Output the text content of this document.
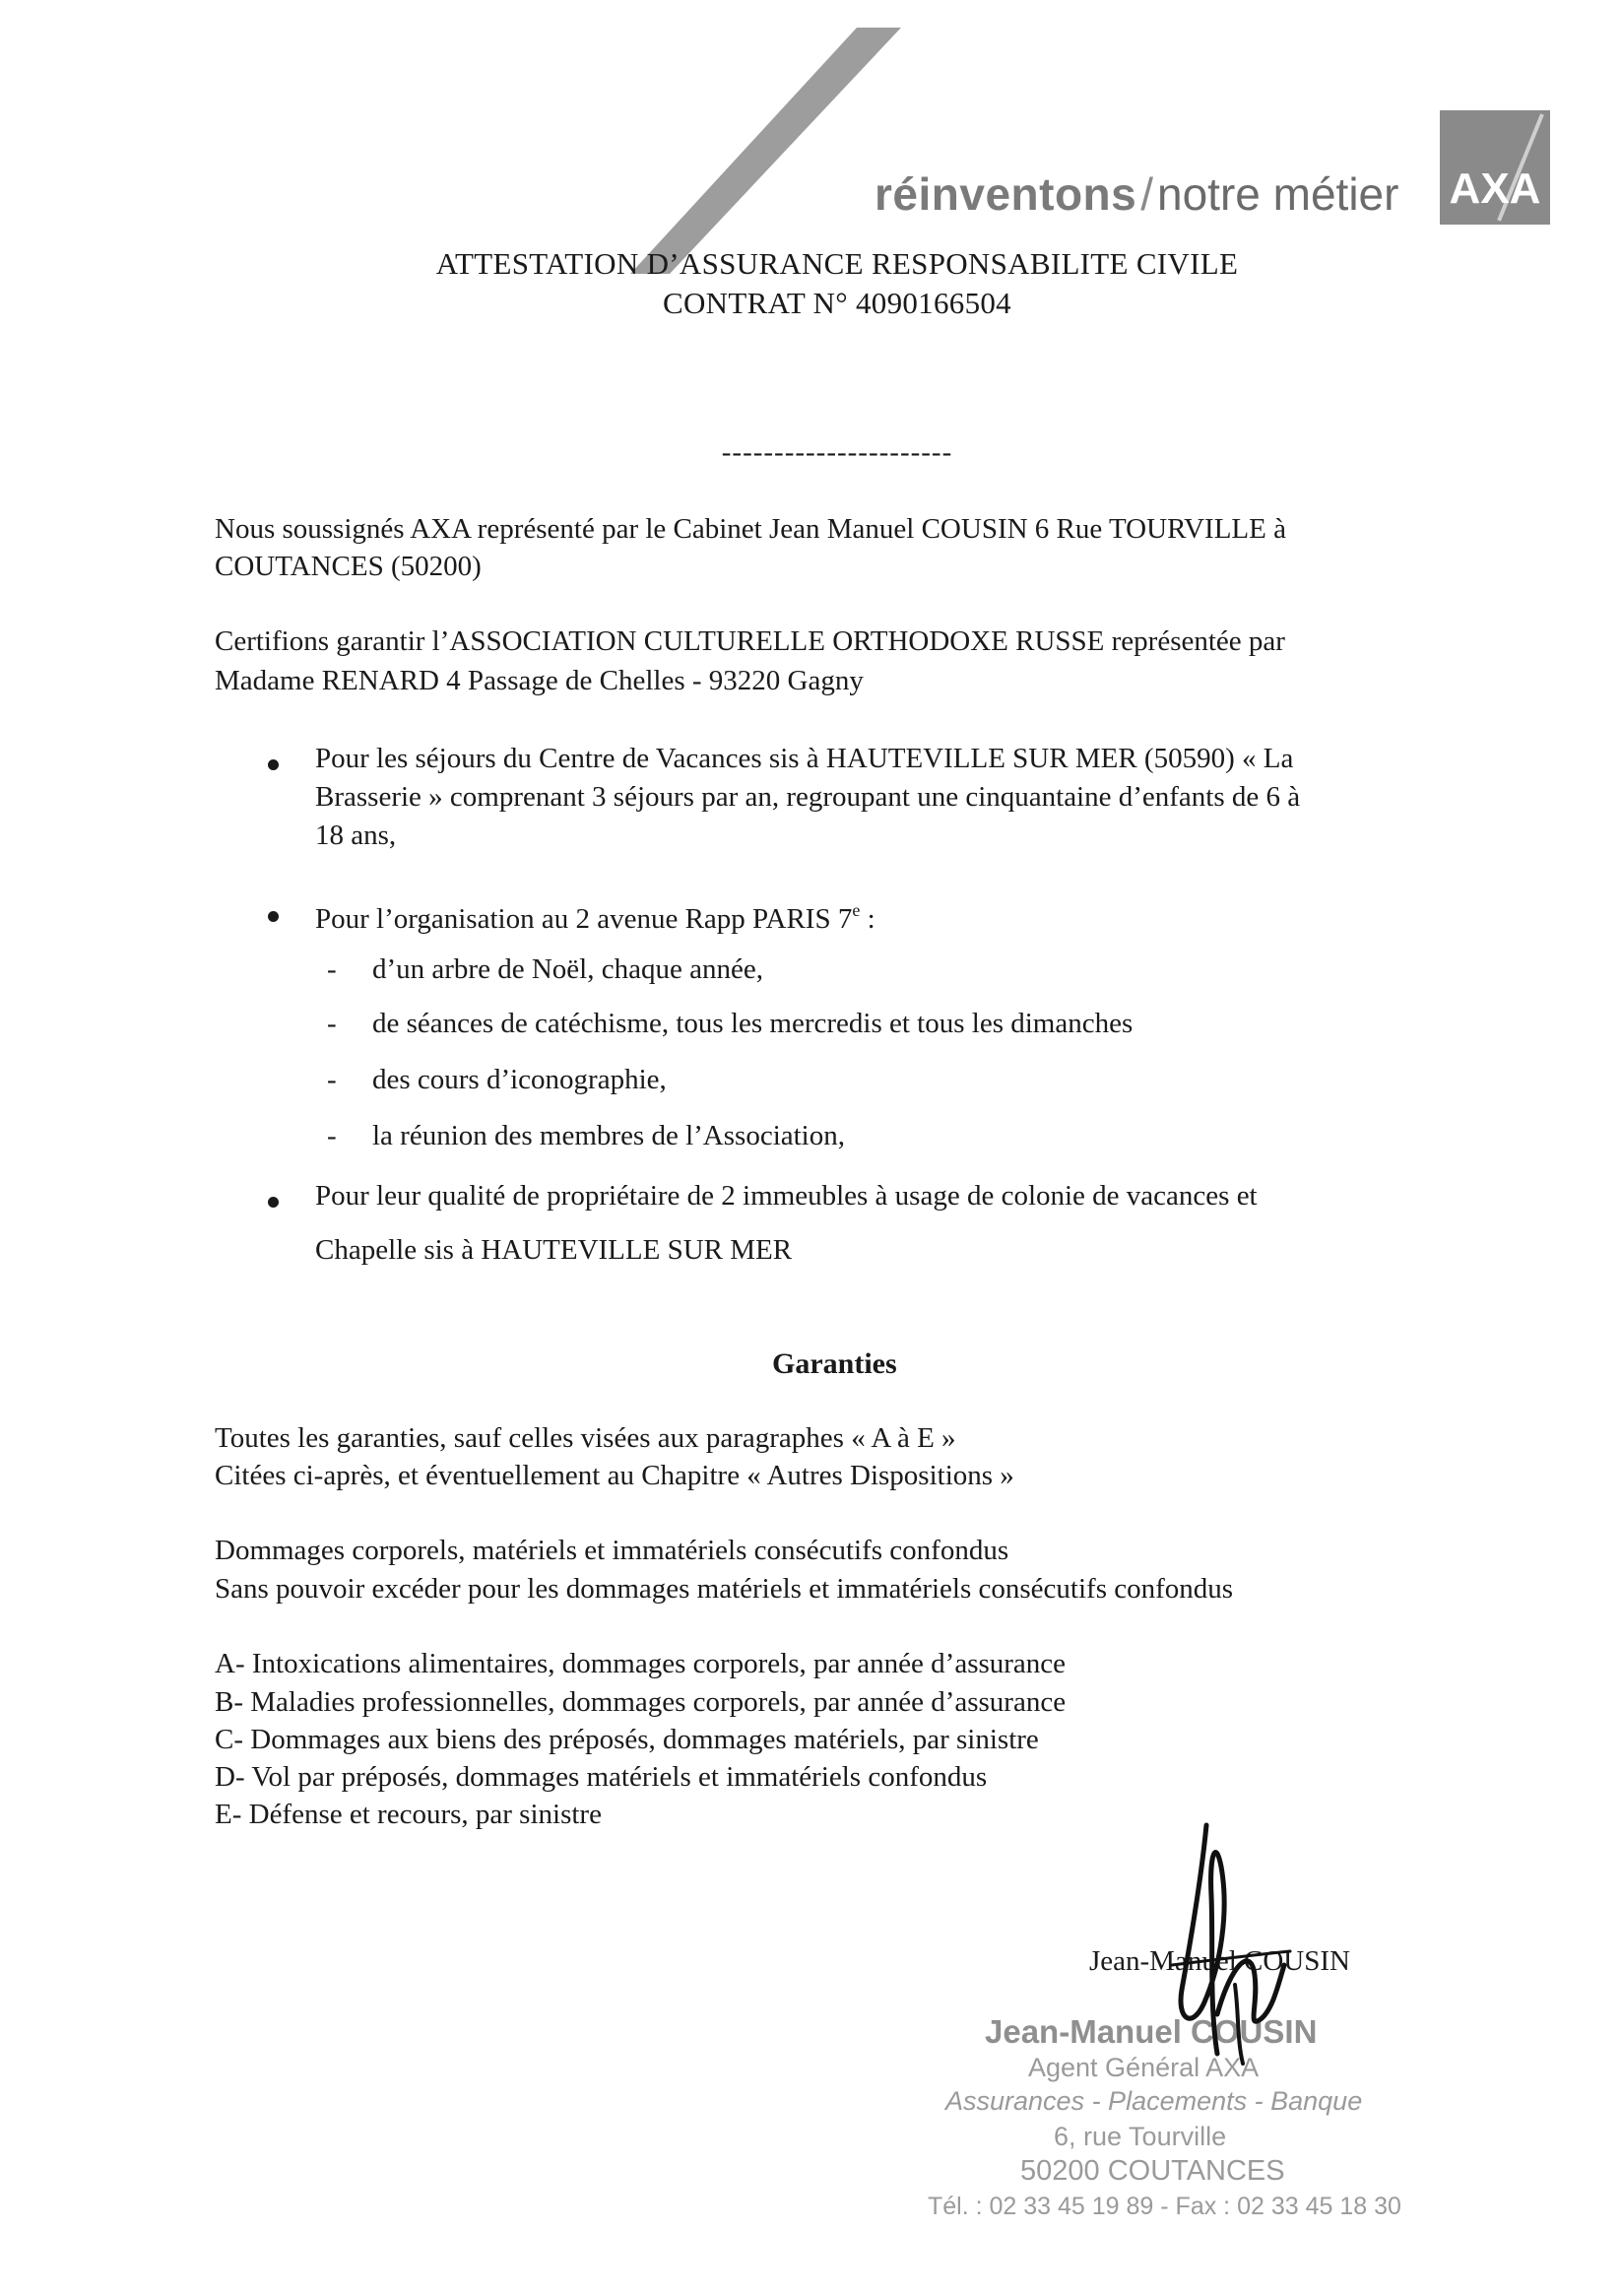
réinventons/notre métier AXA
ATTESTATION D’ASSURANCE RESPONSABILITE CIVILE
CONTRAT N° 4090166504
----------------------
Nous soussignés AXA représenté par le Cabinet Jean Manuel COUSIN 6 Rue TOURVILLE à
COUTANCES (50200)
Certifions garantir l’ASSOCIATION CULTURELLE ORTHODOXE RUSSE représentée par
Madame RENARD 4 Passage de Chelles - 93220 Gagny
Pour les séjours du Centre de Vacances sis à HAUTEVILLE SUR MER (50590) « La
Brasserie » comprenant 3 séjours par an, regroupant une cinquantaine d’enfants de 6 à
18 ans,
Pour l’organisation au 2 avenue Rapp PARIS 7e :
- d’un arbre de Noël, chaque année,
- de séances de catéchisme, tous les mercredis et tous les dimanches
- des cours d’iconographie,
- la réunion des membres de l’Association,
Pour leur qualité de propriétaire de 2 immeubles à usage de colonie de vacances et
Chapelle sis à HAUTEVILLE SUR MER
Garanties
Toutes les garanties, sauf celles visées aux paragraphes « A à E »
Citées ci-après, et éventuellement au Chapitre « Autres Dispositions »
Dommages corporels, matériels et immatériels consécutifs confondus
Sans pouvoir excéder pour les dommages matériels et immatériels consécutifs confondus
A- Intoxications alimentaires, dommages corporels, par année d’assurance
B- Maladies professionnelles, dommages corporels, par année d’assurance
C- Dommages aux biens des préposés, dommages matériels, par sinistre
D- Vol par préposés, dommages matériels et immatériels confondus
E- Défense et recours, par sinistre
Jean-Manuel COUSIN
Jean-Manuel COUSIN
Agent Général AXA
Assurances - Placements - Banque
6, rue Tourville
50200 COUTANCES
Tél. : 02 33 45 19 89 - Fax : 02 33 45 18 30
